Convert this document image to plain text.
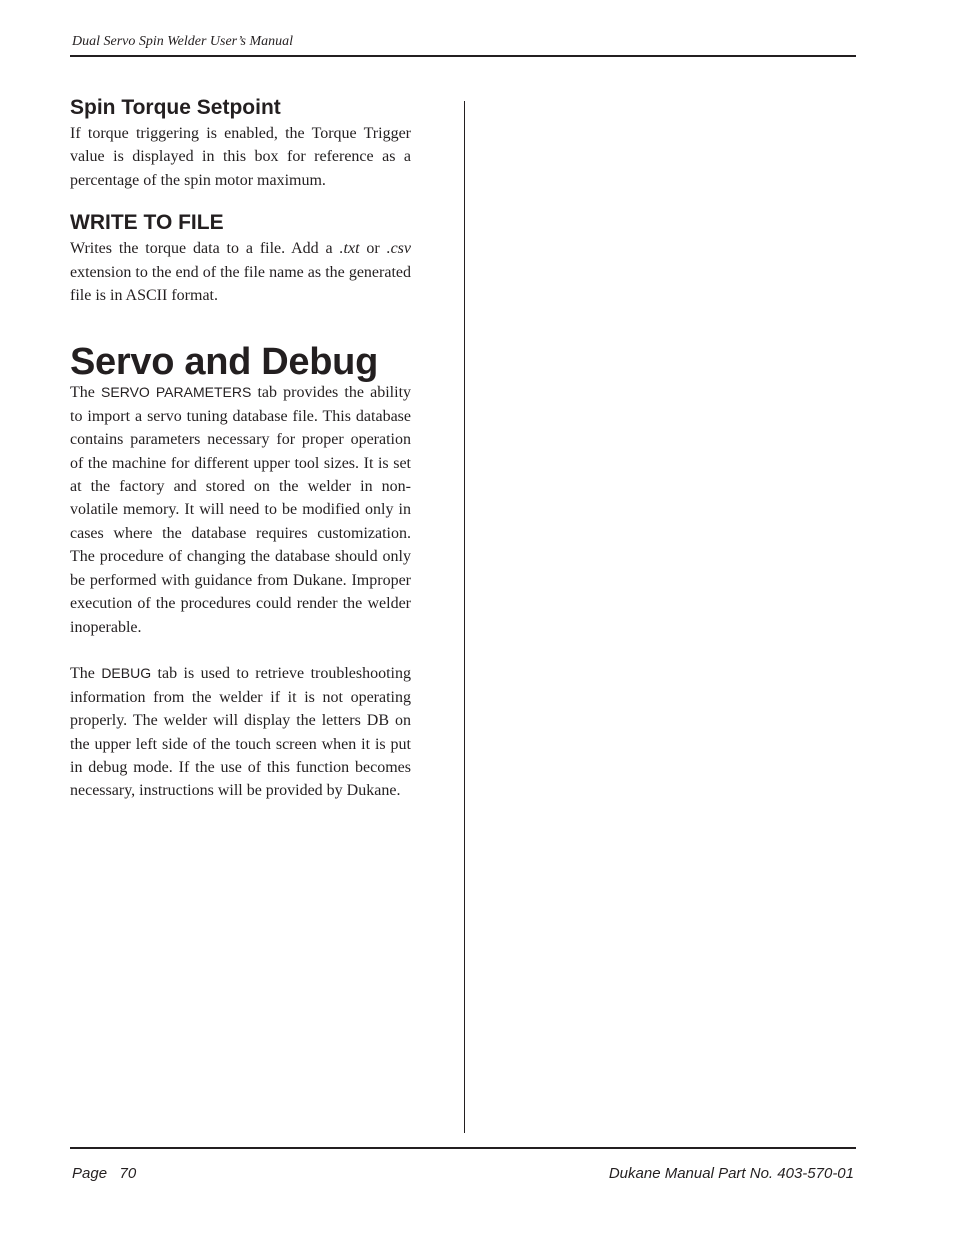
Dual Servo Spin Welder User’s Manual
Spin Torque Setpoint

If torque triggering is enabled, the Torque Trigger value is displayed in this box for reference as a percentage of the spin motor maximum.

WRITE TO FILE

Writes the torque data to a file. Add a .txt or .csv extension to the end of the file name as the generated file is in ASCII format.

Servo and Debug

The SERVO PARAMETERS tab provides the ability to import a servo tuning database file. This database contains parameters necessary for proper operation of the machine for different upper tool sizes. It is set at the factory and stored on the welder in non-volatile memory. It will need to be modified only in cases where the database requires customization. The procedure of changing the database should only be performed with guidance from Dukane. Improper execution of the procedures could render the welder inoperable.

The DEBUG tab is used to retrieve troubleshooting information from the welder if it is not operating properly. The welder will display the letters DB on the upper left side of the touch screen when it is put in debug mode. If the use of this function becomes necessary, instructions will be provided by Dukane.

Page   70	Dukane Manual Part No. 403-570-01
